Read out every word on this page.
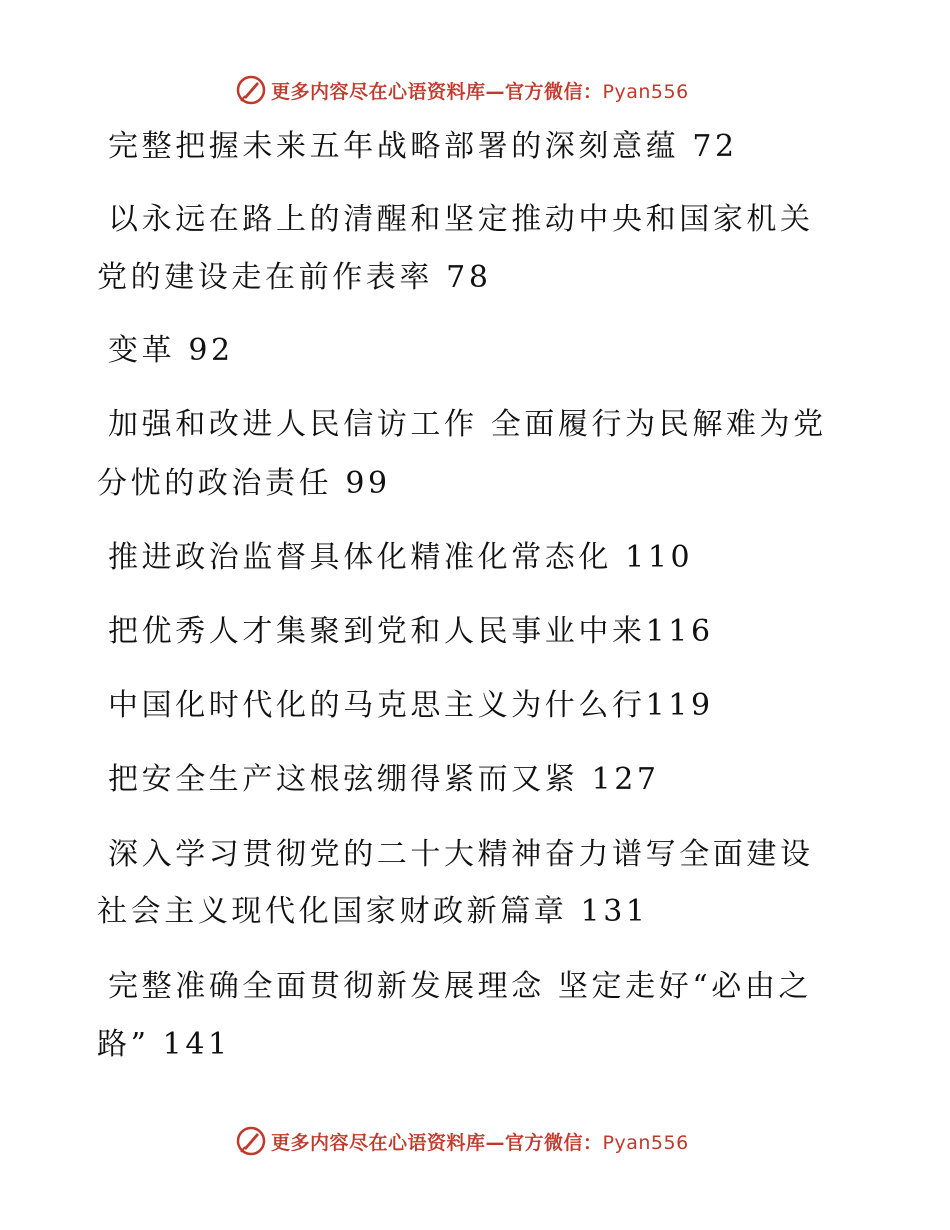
更多内容尽在心语资料库—官方微信：Pyan556
完整把握未来五年战略部署的深刻意蕴 72
以永远在路上的清醒和坚定推动中央和国家机关
党的建设走在前作表率 78
变革 92
加强和改进人民信访工作 全面履行为民解难为党
分忧的政治责任 99
推进政治监督具体化精准化常态化 110
把优秀人才集聚到党和人民事业中来116
中国化时代化的马克思主义为什么行119
把安全生产这根弦绷得紧而又紧 127
深入学习贯彻党的二十大精神奋力谱写全面建设
社会主义现代化国家财政新篇章 131
完整准确全面贯彻新发展理念 坚定走好“必由之
路” 141
更多内容尽在心语资料库—官方微信：Pyan556
